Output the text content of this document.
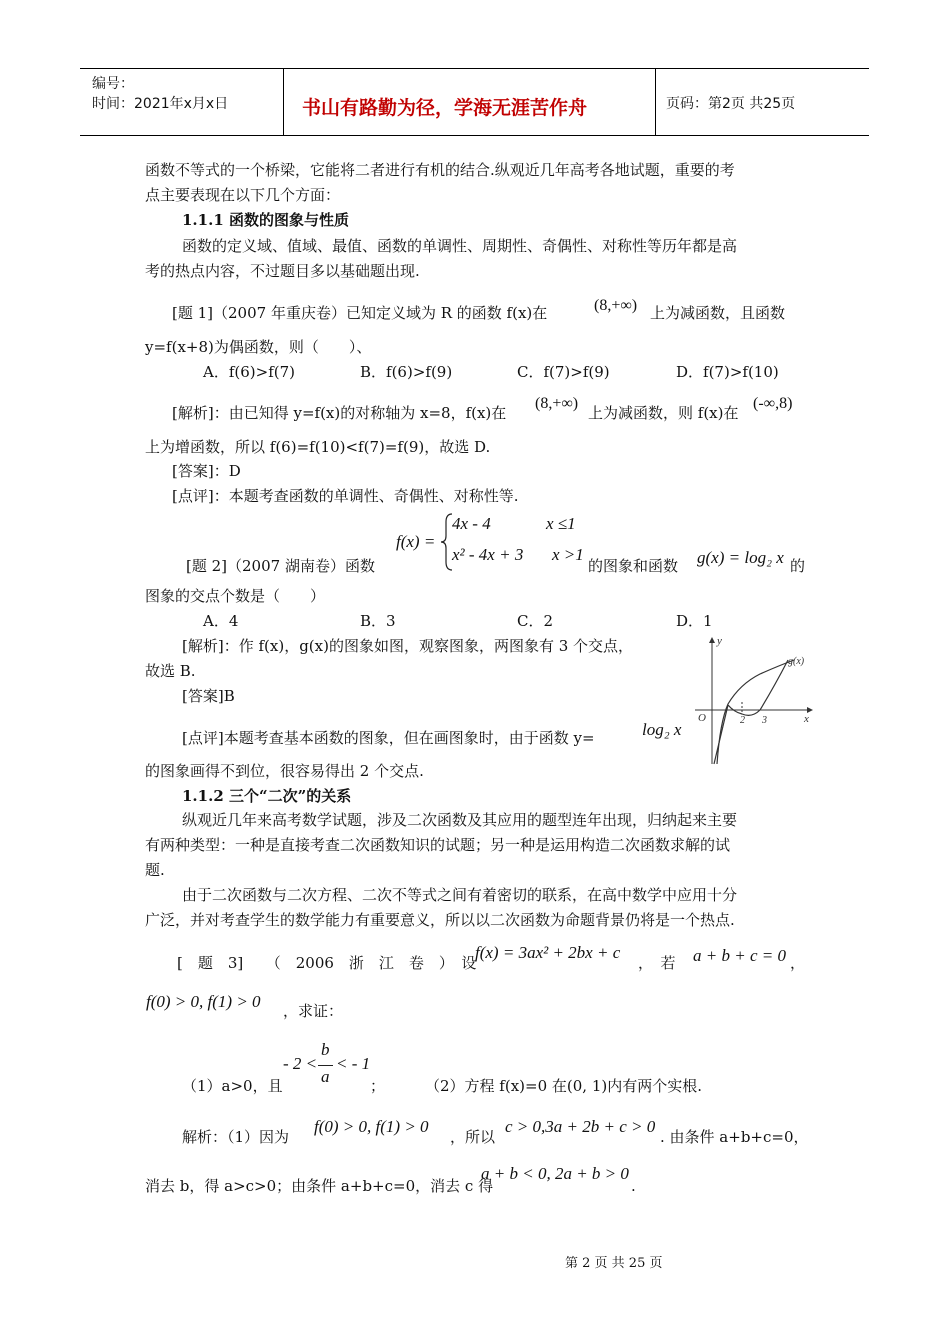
编号：
时间：2021年x月x日	书山有路勤为径，学海无涯苦作舟	页码：第2页 共25页
函数不等式的一个桥梁，它能将二者进行有机的结合.纵观近几年高考各地试题，重要的考
点主要表现在以下几个方面：
1.1.1 函数的图象与性质
函数的定义域、值域、最值、函数的单调性、周期性、奇偶性、对称性等历年都是高
考的热点内容，不过题目多以基础题出现.
[题 1]（2007 年重庆卷）已知定义域为 R 的函数 f(x)在	(8,+∞) 上为减函数，且函数
y=f(x+8)为偶函数，则（　　）、
A．f(6)>f(7)	B．f(6)>f(9)	C．f(7)>f(9)	D．f(7)>f(10)
[解析]：由已知得 y=f(x)的对称轴为 x=8，f(x)在
(8,+∞)
上为减函数，则 f(x)在
(-∞,8)
上为增函数，所以 f(6)=f(10)<f(7)=f(9)，故选 D.
[答案]：D
[点评]：本题考查函数的单调性、奇偶性、对称性等.
f(x) =
4x - 4	x ≤1
x² - 4x + 3 x >1
[题 2]（2007 湖南卷）函数	的图象和函数 g(x) = log₂ x 的
图象的交点个数是（　　）
A．4	B．3	C．2	D．1
[解析]：作 f(x)，g(x)的图象如图，观察图象，两图象有 3 个交点，
故选 B.
[答案]B
[点评]本题考查基本函数的图象，但在画图象时，由于函数 y=	log₂ x
的图象画得不到位，很容易得出 2 个交点.
y
x
O	2 3
g(x)
1.1.2 三个“二次”的关系
纵观近几年来高考数学试题，涉及二次函数及其应用的题型连年出现，归纳起来主要
有两种类型：一种是直接考查二次函数知识的试题；另一种是运用构造二次函数求解的试
题.
由于二次函数与二次方程、二次不等式之间有着密切的联系，在高中数学中应用十分
广泛，并对考查学生的数学能力有重要意义，所以以二次函数为命题背景仍将是一个热点.
[　题　3]　　（　2006　浙　江　卷　）　设
f(x) = 3ax² + 2bx + c
，　若 a + b + c = 0 ，
f(0) > 0, f(1) > 0 ，求证：
- 2 <
b
a
< - 1
（1）a>0，且	；	（2）方程 f(x)=0 在(0, 1)内有两个实根.
解析：（1）因为
f(0) > 0, f(1) > 0
，所以
c > 0,3a + 2b + c > 0
. 由条件 a+b+c=0，
消去 b，得 a>c>0；由条件 a+b+c=0，消去 c 得
a + b < 0, 2a + b > 0
.
第 2 页 共 25 页
